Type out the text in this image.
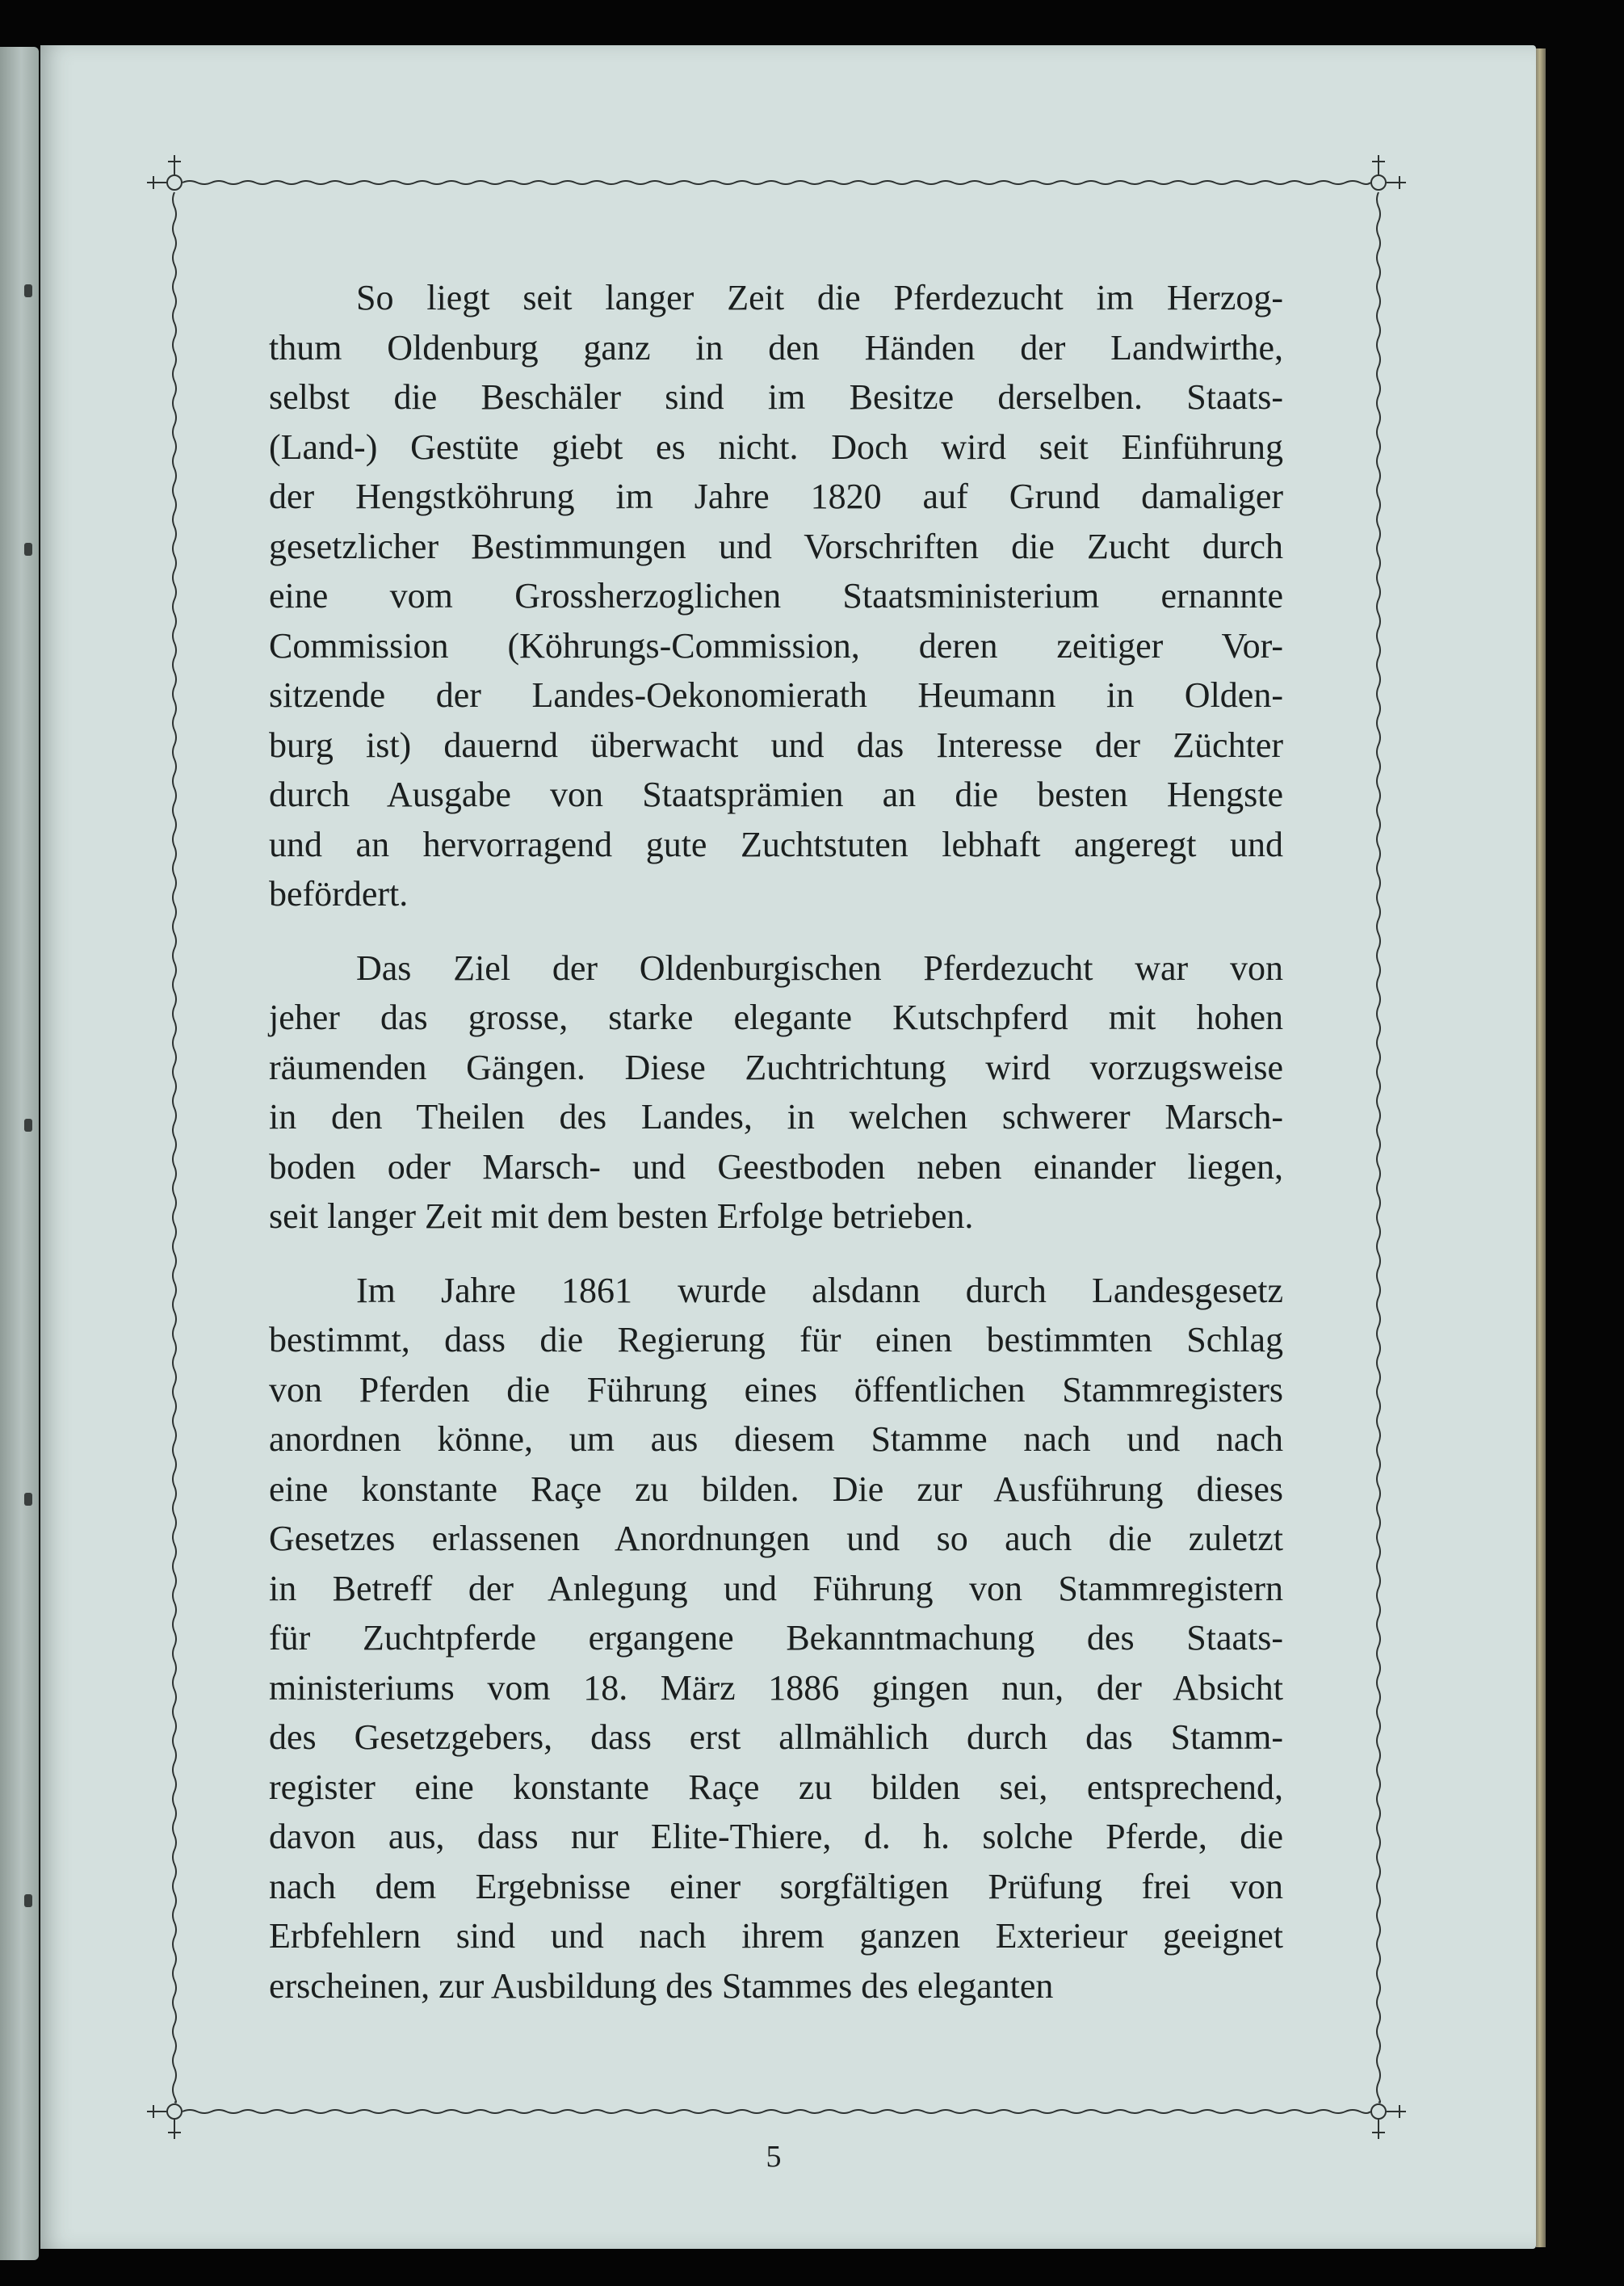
So liegt seit langer Zeit die Pferdezucht im Herzog-
thum Oldenburg ganz in den Händen der Landwirthe,
selbst die Beschäler sind im Besitze derselben. Staats-
(Land-) Gestüte giebt es nicht. Doch wird seit Einführung
der Hengstköhrung im Jahre 1820 auf Grund damaliger
gesetzlicher Bestimmungen und Vorschriften die Zucht durch
eine vom Grossherzoglichen Staatsministerium ernannte
Commission (Köhrungs-Commission, deren zeitiger Vor-
sitzende der Landes-Oekonomierath Heumann in Olden-
burg ist) dauernd überwacht und das Interesse der Züchter
durch Ausgabe von Staatsprämien an die besten Hengste
und an hervorragend gute Zuchtstuten lebhaft angeregt und
befördert.
Das Ziel der Oldenburgischen Pferdezucht war von
jeher das grosse, starke elegante Kutschpferd mit hohen
räumenden Gängen. Diese Zuchtrichtung wird vorzugsweise
in den Theilen des Landes, in welchen schwerer Marsch-
boden oder Marsch- und Geestboden neben einander liegen,
seit langer Zeit mit dem besten Erfolge betrieben.
Im Jahre 1861 wurde alsdann durch Landesgesetz
bestimmt, dass die Regierung für einen bestimmten Schlag
von Pferden die Führung eines öffentlichen Stammregisters
anordnen könne, um aus diesem Stamme nach und nach
eine konstante Raçe zu bilden. Die zur Ausführung dieses
Gesetzes erlassenen Anordnungen und so auch die zuletzt
in Betreff der Anlegung und Führung von Stammregistern
für Zuchtpferde ergangene Bekanntmachung des Staats-
ministeriums vom 18. März 1886 gingen nun, der Absicht
des Gesetzgebers, dass erst allmählich durch das Stamm-
register eine konstante Raçe zu bilden sei, entsprechend,
davon aus, dass nur Elite-Thiere, d. h. solche Pferde, die
nach dem Ergebnisse einer sorgfältigen Prüfung frei von
Erbfehlern sind und nach ihrem ganzen Exterieur geeignet
erscheinen, zur Ausbildung des Stammes des eleganten
5
